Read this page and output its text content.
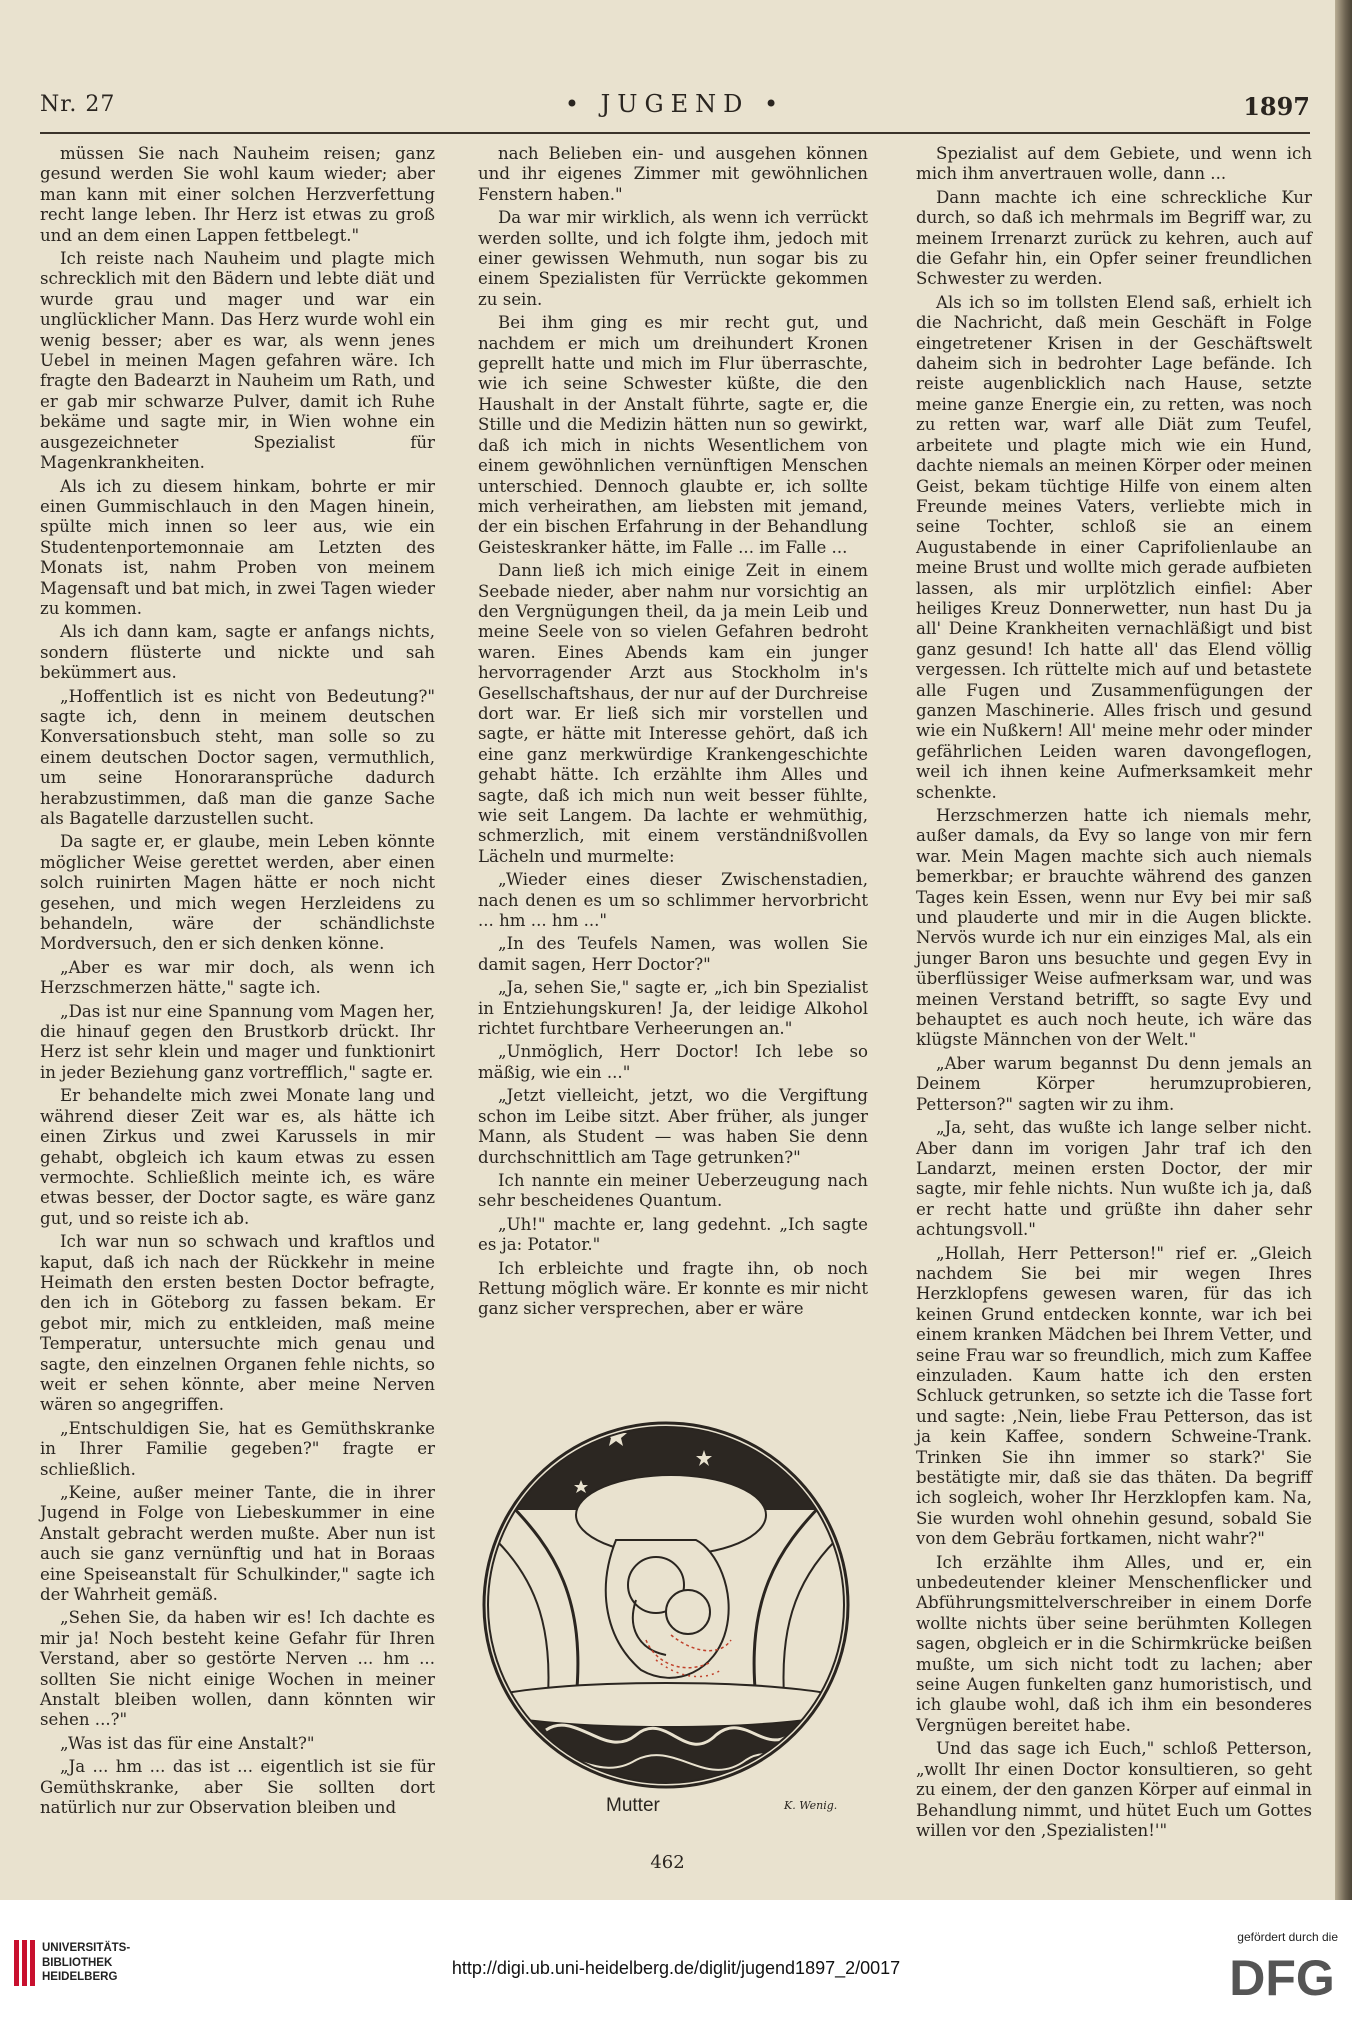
Nr. 27	• JUGEND •	1897

müssen Sie nach Nauheim reisen; ganz gesund werden Sie wohl kaum wieder; aber man kann mit einer solchen Herzverfettung recht lange leben. Ihr Herz ist etwas zu groß und an dem einen Lappen fettbelegt."

Ich reiste nach Nauheim und plagte mich schrecklich mit den Bädern und lebte diät und wurde grau und mager und war ein unglücklicher Mann. Das Herz wurde wohl ein wenig besser; aber es war, als wenn jenes Uebel in meinen Magen gefahren wäre. Ich fragte den Badearzt in Nauheim um Rath, und er gab mir schwarze Pulver, damit ich Ruhe bekäme und sagte mir, in Wien wohne ein ausgezeichneter Spezialist für Magenkrankheiten.

Als ich zu diesem hinkam, bohrte er mir einen Gummischlauch in den Magen hinein, spülte mich innen so leer aus, wie ein Studentenportemonnaie am Letzten des Monats ist, nahm Proben von meinem Magensaft und bat mich, in zwei Tagen wieder zu kommen.

Als ich dann kam, sagte er anfangs nichts, sondern flüsterte und nickte und sah bekümmert aus.

„Hoffentlich ist es nicht von Bedeutung?" sagte ich, denn in meinem deutschen Konversationsbuch steht, man solle so zu einem deutschen Doctor sagen, vermuthlich, um seine Honoraransprüche dadurch herabzustimmen, daß man die ganze Sache als Bagatelle darzustellen sucht.

Da sagte er, er glaube, mein Leben könnte möglicher Weise gerettet werden, aber einen solch ruinirten Magen hätte er noch nicht gesehen, und mich wegen Herzleidens zu behandeln, wäre der schändlichste Mordversuch, den er sich denken könne.

„Aber es war mir doch, als wenn ich Herzschmerzen hätte," sagte ich.

„Das ist nur eine Spannung vom Magen her, die hinauf gegen den Brustkorb drückt. Ihr Herz ist sehr klein und mager und funktionirt in jeder Beziehung ganz vortrefflich," sagte er.

Er behandelte mich zwei Monate lang und während dieser Zeit war es, als hätte ich einen Zirkus und zwei Karussels in mir gehabt, obgleich ich kaum etwas zu essen vermochte. Schließlich meinte ich, es wäre etwas besser, der Doctor sagte, es wäre ganz gut, und so reiste ich ab.

Ich war nun so schwach und kraftlos und kaput, daß ich nach der Rückkehr in meine Heimath den ersten besten Doctor befragte, den ich in Göteborg zu fassen bekam. Er gebot mir, mich zu entkleiden, maß meine Temperatur, untersuchte mich genau und sagte, den einzelnen Organen fehle nichts, so weit er sehen könnte, aber meine Nerven wären so angegriffen.

„Entschuldigen Sie, hat es Gemüthskranke in Ihrer Familie gegeben?" fragte er schließlich.

„Keine, außer meiner Tante, die in ihrer Jugend in Folge von Liebeskummer in eine Anstalt gebracht werden mußte. Aber nun ist auch sie ganz vernünftig und hat in Boraas eine Speiseanstalt für Schulkinder," sagte ich der Wahrheit gemäß.

„Sehen Sie, da haben wir es! Ich dachte es mir ja! Noch besteht keine Gefahr für Ihren Verstand, aber so gestörte Nerven ... hm ... sollten Sie nicht einige Wochen in meiner Anstalt bleiben wollen, dann könnten wir sehen ...?"

„Was ist das für eine Anstalt?"

„Ja ... hm ... das ist ... eigentlich ist sie für Gemüthskranke, aber Sie sollten dort natürlich nur zur Observation bleiben und

nach Belieben ein- und ausgehen können und ihr eigenes Zimmer mit gewöhnlichen Fenstern haben."

Da war mir wirklich, als wenn ich verrückt werden sollte, und ich folgte ihm, jedoch mit einer gewissen Wehmuth, nun sogar bis zu einem Spezialisten für Verrückte gekommen zu sein.

Bei ihm ging es mir recht gut, und nachdem er mich um dreihundert Kronen geprellt hatte und mich im Flur überraschte, wie ich seine Schwester küßte, die den Haushalt in der Anstalt führte, sagte er, die Stille und die Medizin hätten nun so gewirkt, daß ich mich in nichts Wesentlichem von einem gewöhnlichen vernünftigen Menschen unterschied. Dennoch glaubte er, ich sollte mich verheirathen, am liebsten mit jemand, der ein bischen Erfahrung in der Behandlung Geisteskranker hätte, im Falle ... im Falle ...

Dann ließ ich mich einige Zeit in einem Seebade nieder, aber nahm nur vorsichtig an den Vergnügungen theil, da ja mein Leib und meine Seele von so vielen Gefahren bedroht waren. Eines Abends kam ein junger hervorragender Arzt aus Stockholm in's Gesellschaftshaus, der nur auf der Durchreise dort war. Er ließ sich mir vorstellen und sagte, er hätte mit Interesse gehört, daß ich eine ganz merkwürdige Krankengeschichte gehabt hätte. Ich erzählte ihm Alles und sagte, daß ich mich nun weit besser fühlte, wie seit Langem. Da lachte er wehmüthig, schmerzlich, mit einem verständnißvollen Lächeln und murmelte:

„Wieder eines dieser Zwischenstadien, nach denen es um so schlimmer hervorbricht ... hm ... hm ..."

„In des Teufels Namen, was wollen Sie damit sagen, Herr Doctor?"

„Ja, sehen Sie," sagte er, „ich bin Spezialist in Entziehungskuren! Ja, der leidige Alkohol richtet furchtbare Verheerungen an."

„Unmöglich, Herr Doctor! Ich lebe so mäßig, wie ein ..."

„Jetzt vielleicht, jetzt, wo die Vergiftung schon im Leibe sitzt. Aber früher, als junger Mann, als Student — was haben Sie denn durchschnittlich am Tage getrunken?"

Ich nannte ein meiner Ueberzeugung nach sehr bescheidenes Quantum.

„Uh!" machte er, lang gedehnt. „Ich sagte es ja: Potator."

Ich erbleichte und fragte ihn, ob noch Rettung möglich wäre. Er konnte es mir nicht ganz sicher versprechen, aber er wäre

Spezialist auf dem Gebiete, und wenn ich mich ihm anvertrauen wolle, dann ...

Dann machte ich eine schreckliche Kur durch, so daß ich mehrmals im Begriff war, zu meinem Irrenarzt zurück zu kehren, auch auf die Gefahr hin, ein Opfer seiner freundlichen Schwester zu werden.

Als ich so im tollsten Elend saß, erhielt ich die Nachricht, daß mein Geschäft in Folge eingetretener Krisen in der Geschäftswelt daheim sich in bedrohter Lage befände. Ich reiste augenblicklich nach Hause, setzte meine ganze Energie ein, zu retten, was noch zu retten war, warf alle Diät zum Teufel, arbeitete und plagte mich wie ein Hund, dachte niemals an meinen Körper oder meinen Geist, bekam tüchtige Hilfe von einem alten Freunde meines Vaters, verliebte mich in seine Tochter, schloß sie an einem Augustabende in einer Caprifolienlaube an meine Brust und wollte mich gerade aufbieten lassen, als mir urplötzlich einfiel: Aber heiliges Kreuz Donnerwetter, nun hast Du ja all' Deine Krankheiten vernachläßigt und bist ganz gesund! Ich hatte all' das Elend völlig vergessen. Ich rüttelte mich auf und betastete alle Fugen und Zusammenfügungen der ganzen Maschinerie. Alles frisch und gesund wie ein Nußkern! All' meine mehr oder minder gefährlichen Leiden waren davongeflogen, weil ich ihnen keine Aufmerksamkeit mehr schenkte.

Herzschmerzen hatte ich niemals mehr, außer damals, da Evy so lange von mir fern war. Mein Magen machte sich auch niemals bemerkbar; er brauchte während des ganzen Tages kein Essen, wenn nur Evy bei mir saß und plauderte und mir in die Augen blickte. Nervös wurde ich nur ein einziges Mal, als ein junger Baron uns besuchte und gegen Evy in überflüssiger Weise aufmerksam war, und was meinen Verstand betrifft, so sagte Evy und behauptet es auch noch heute, ich wäre das klügste Männchen von der Welt."

„Aber warum begannst Du denn jemals an Deinem Körper herumzuprobieren, Petterson?" sagten wir zu ihm.

„Ja, seht, das wußte ich lange selber nicht. Aber dann im vorigen Jahr traf ich den Landarzt, meinen ersten Doctor, der mir sagte, mir fehle nichts. Nun wußte ich ja, daß er recht hatte und grüßte ihn daher sehr achtungsvoll."

„Hollah, Herr Petterson!" rief er. „Gleich nachdem Sie bei mir wegen Ihres Herzklopfens gewesen waren, für das ich keinen Grund entdecken konnte, war ich bei einem kranken Mädchen bei Ihrem Vetter, und seine Frau war so freundlich, mich zum Kaffee einzuladen. Kaum hatte ich den ersten Schluck getrunken, so setzte ich die Tasse fort und sagte: ‚Nein, liebe Frau Petterson, das ist ja kein Kaffee, sondern Schweine-Trank. Trinken Sie ihn immer so stark?' Sie bestätigte mir, daß sie das thäten. Da begriff ich sogleich, woher Ihr Herzklopfen kam. Na, Sie wurden wohl ohnehin gesund, sobald Sie von dem Gebräu fortkamen, nicht wahr?"

Ich erzählte ihm Alles, und er, ein unbedeutender kleiner Menschenflicker und Abführungsmittelverschreiber in einem Dorfe wollte nichts über seine berühmten Kollegen sagen, obgleich er in die Schirmkrücke beißen mußte, um sich nicht todt zu lachen; aber seine Augen funkelten ganz humoristisch, und ich glaube wohl, daß ich ihm ein besonderes Vergnügen bereitet habe.

Und das sage ich Euch," schloß Petterson, „wollt Ihr einen Doctor konsultieren, so geht zu einem, der den ganzen Körper auf einmal in Behandlung nimmt, und hütet Euch um Gottes willen vor den ‚Spezialisten!'"

Mutter	K. Wenig.
462
UNIVERSITÄTS-
BIBLIOTHEK
HEIDELBERG	http://digi.ub.uni-heidelberg.de/diglit/jugend1897_2/0017
gefördert durch die
DFG
